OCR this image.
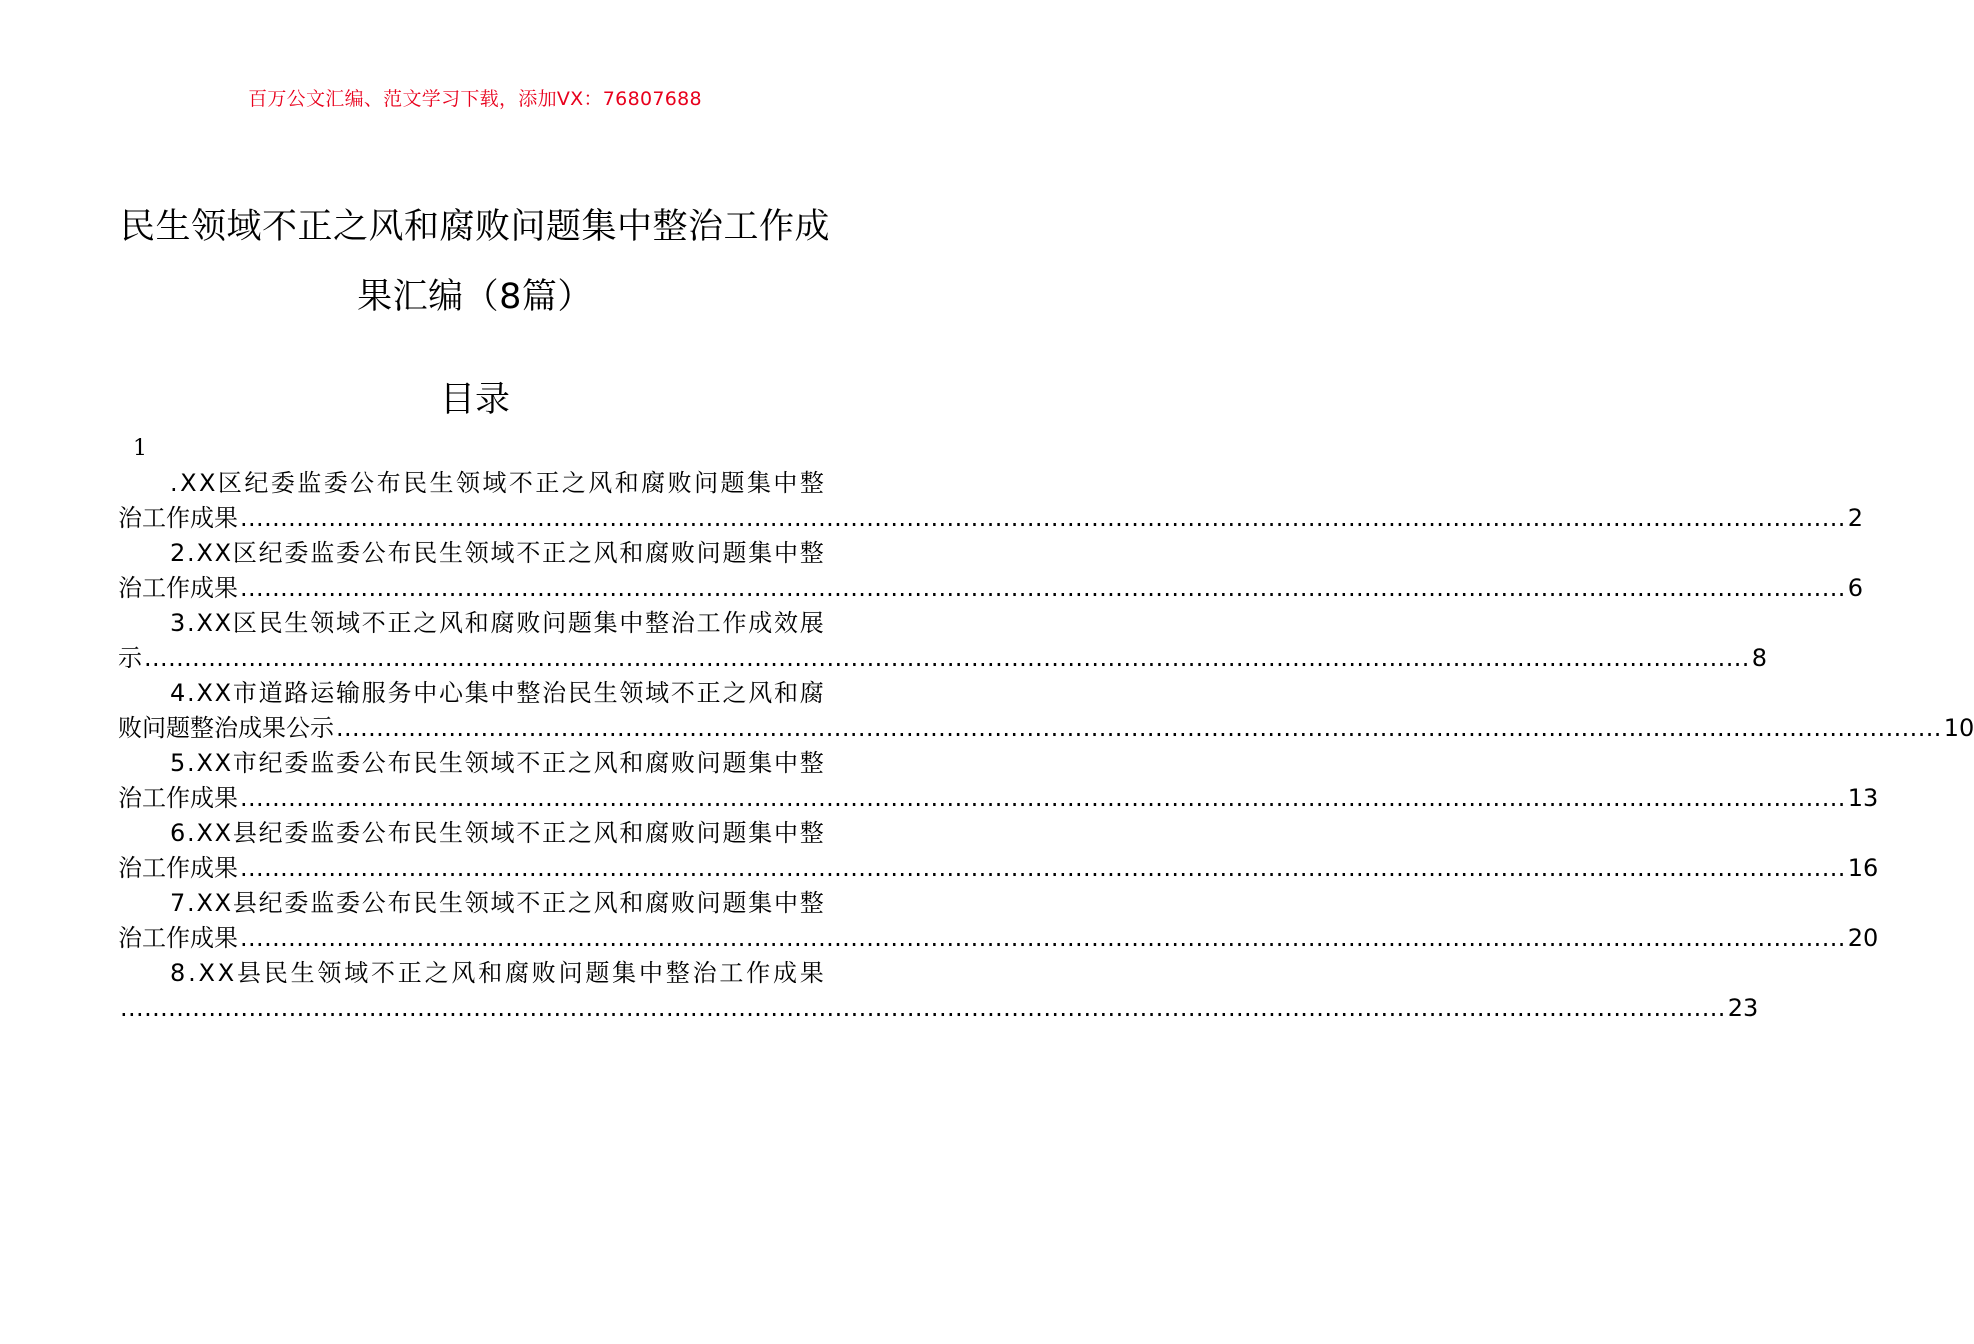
百万公文汇编、范文学习下载，添加VX：76807688
民生领域不正之风和腐败问题集中整治工作成
果汇编（8篇）
目录
1
. X X 区 纪 委 监 委 公 布 民 生 领 域 不 正 之 风 和 腐 败 问 题 集 中 整
治工作成果 ........................................................................................................................................................................................................ 2
2 . X X 区 纪 委 监 委 公 布 民 生 领 域 不 正 之 风 和 腐 败 问 题 集 中 整
治工作成果 ........................................................................................................................................................................................................ 6
3 . X X 区 民 生 领 域 不 正 之 风 和 腐 败 问 题 集 中 整 治 工 作 成 效 展
示 ........................................................................................................................................................................................................ 8
4 . X X 市 道 路 运 输 服 务 中 心 集 中 整 治 民 生 领 域 不 正 之 风 和 腐
败问题整治成果公示 ........................................................................................................................................................................................................ 10
5 . X X 市 纪 委 监 委 公 布 民 生 领 域 不 正 之 风 和 腐 败 问 题 集 中 整
治工作成果 ........................................................................................................................................................................................................ 13
6 . X X 县 纪 委 监 委 公 布 民 生 领 域 不 正 之 风 和 腐 败 问 题 集 中 整
治工作成果 ........................................................................................................................................................................................................ 16
7 . X X 县 纪 委 监 委 公 布 民 生 领 域 不 正 之 风 和 腐 败 问 题 集 中 整
治工作成果 ........................................................................................................................................................................................................ 20
8 . X X 县 民 生 领 域 不 正 之 风 和 腐 败 问 题 集 中 整 治 工 作 成 果
........................................................................................................................................................................................................ 23
